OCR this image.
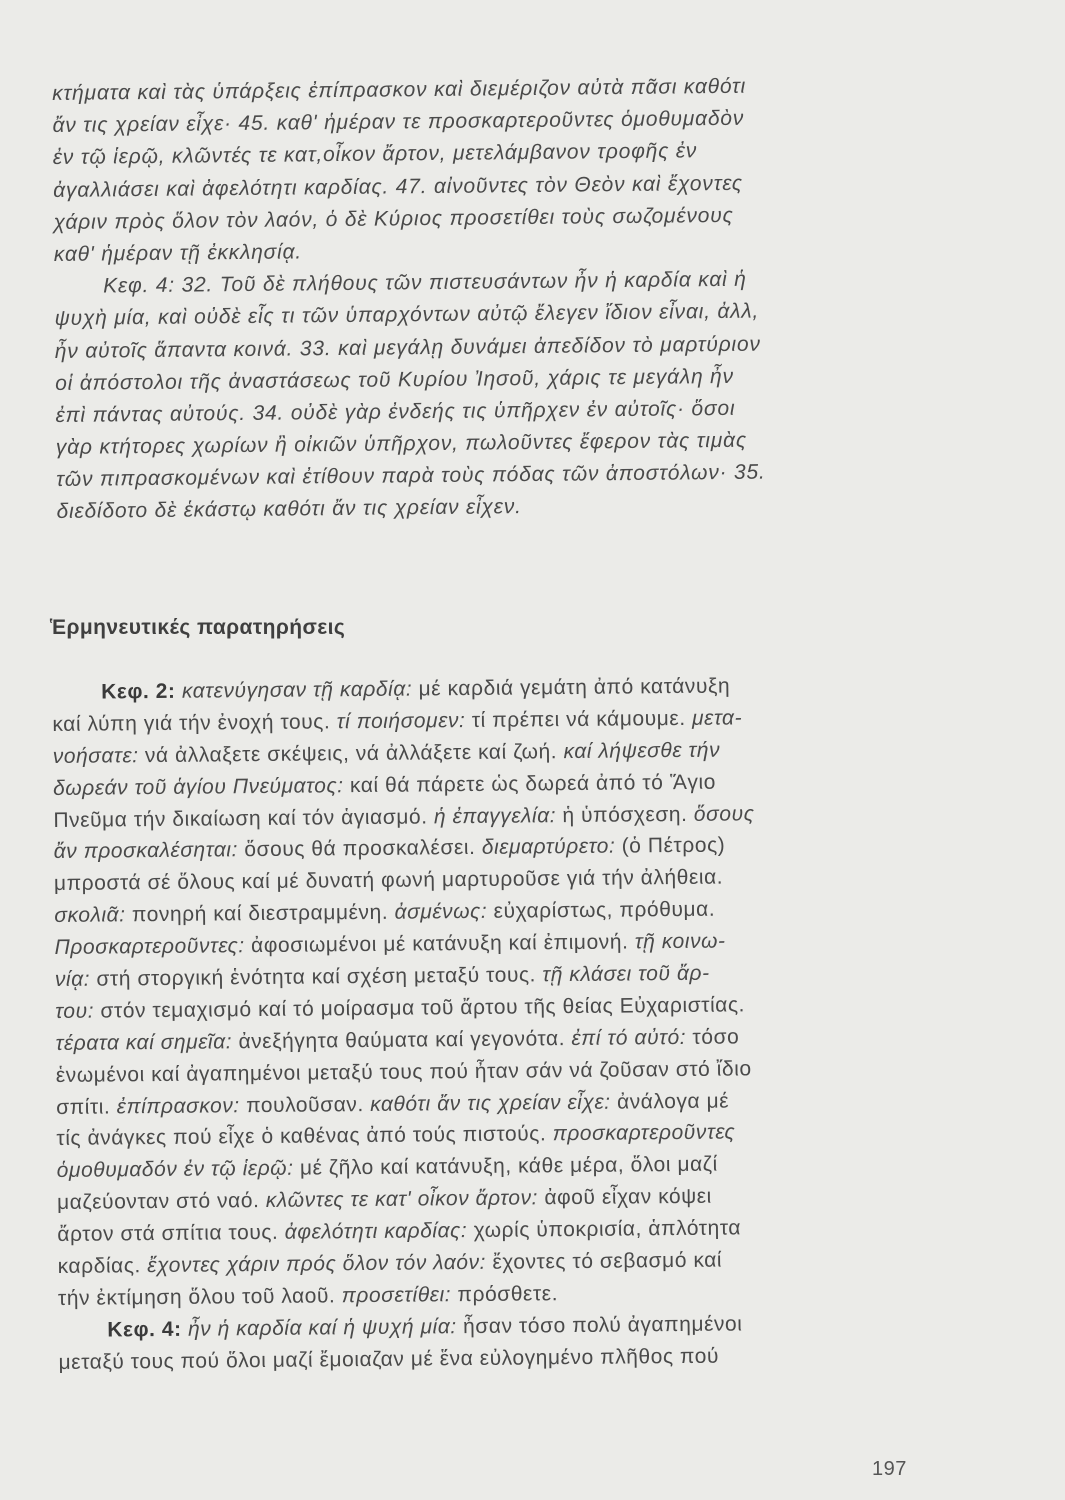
κτήματα καὶ τὰς ὑπάρξεις ἐπίπρασκον καὶ διεμέριζον αὐτὰ πᾶσι καθότι
ἄν τις χρείαν εἶχε· 45. καθ' ἡμέραν τε προσκαρτεροῦντες ὁμοθυμαδὸν
ἐν τῷ ἱερῷ, κλῶντές τε κατ,οἶκον ἄρτον, μετελάμβανον τροφῆς ἐν
ἀγαλλιάσει καὶ ἀφελότητι καρδίας. 47. αἰνοῦντες τὸν Θεὸν καὶ ἔχοντες
χάριν πρὸς ὅλον τὸν λαόν, ὁ δὲ Κύριος προσετίθει τοὺς σωζομένους
καθ' ἡμέραν τῇ ἐκκλησίᾳ.
Κεφ. 4: 32. Τοῦ δὲ πλήθους τῶν πιστευσάντων ἦν ἡ καρδία καὶ ἡ
ψυχὴ μία, καὶ οὐδὲ εἷς τι τῶν ὑπαρχόντων αὐτῷ ἔλεγεν ἴδιον εἶναι, ἀλλ,
ἦν αὐτοῖς ἅπαντα κοινά. 33. καὶ μεγάλῃ δυνάμει ἀπεδίδον τὸ μαρτύριον
οἱ ἀπόστολοι τῆς ἀναστάσεως τοῦ Κυρίου Ἰησοῦ, χάρις τε μεγάλη ἦν
ἐπὶ πάντας αὐτούς. 34. οὐδὲ γὰρ ἐνδεής τις ὑπῆρχεν ἐν αὐτοῖς· ὅσοι
γὰρ κτήτορες χωρίων ἢ οἰκιῶν ὑπῆρχον, πωλοῦντες ἔφερον τὰς τιμὰς
τῶν πιπρασκομένων καὶ ἐτίθουν παρὰ τοὺς πόδας τῶν ἀποστόλων· 35.
διεδίδοτο δὲ ἑκάστῳ καθότι ἄν τις χρείαν εἶχεν.
Ἑρμηνευτικές παρατηρήσεις
Κεφ. 2: κατενύγησαν τῇ καρδίᾳ: μέ καρδιά γεμάτη ἀπό κατάνυξη
καί λύπη γιά τήν ἐνοχή τους. τί ποιήσομεν: τί πρέπει νά κάμουμε. μετα-
νοήσατε: νά ἀλλαξετε σκέψεις, νά ἀλλάξετε καί ζωή. καί λήψεσθε τήν
δωρεάν τοῦ ἁγίου Πνεύματος: καί θά πάρετε ὡς δωρεά ἀπό τό Ἅγιο
Πνεῦμα τήν δικαίωση καί τόν ἁγιασμό. ἡ ἐπαγγελία: ἡ ὑπόσχεση. ὅσους
ἄν προσκαλέσηται: ὅσους θά προσκαλέσει. διεμαρτύρετο: (ὁ Πέτρος)
μπροστά σέ ὅλους καί μέ δυνατή φωνή μαρτυροῦσε γιά τήν ἀλήθεια.
σκολιᾶ: πονηρή καί διεστραμμένη. ἀσμένως: εὐχαρίστως, πρόθυμα.
Προσκαρτεροῦντες: ἀφοσιωμένοι μέ κατάνυξη καί ἐπιμονή. τῇ κοινω-
νίᾳ: στή στοργική ἑνότητα καί σχέση μεταξύ τους. τῇ κλάσει τοῦ ἄρ-
του: στόν τεμαχισμό καί τό μοίρασμα τοῦ ἄρτου τῆς θείας Εὐχαριστίας.
τέρατα καί σημεῖα: ἀνεξήγητα θαύματα καί γεγονότα. ἐπί τό αὐτό: τόσο
ἑνωμένοι καί ἀγαπημένοι μεταξύ τους πού ἦταν σάν νά ζοῦσαν στό ἴδιο
σπίτι. ἐπίπρασκον: πουλοῦσαν. καθότι ἄν τις χρείαν εἶχε: ἀνάλογα μέ
τίς ἀνάγκες πού εἶχε ὁ καθένας ἀπό τούς πιστούς. προσκαρτεροῦντες
ὁμοθυμαδόν ἐν τῷ ἱερῷ: μέ ζῆλο καί κατάνυξη, κάθε μέρα, ὅλοι μαζί
μαζεύονταν στό ναό. κλῶντες τε κατ' οἶκον ἄρτον: ἀφοῦ εἶχαν κόψει
ἄρτον στά σπίτια τους. ἀφελότητι καρδίας: χωρίς ὑποκρισία, ἁπλότητα
καρδίας. ἔχοντες χάριν πρός ὅλον τόν λαόν: ἔχοντες τό σεβασμό καί
τήν ἐκτίμηση ὅλου τοῦ λαοῦ. προσετίθει: πρόσθετε.
Κεφ. 4: ἦν ἡ καρδία καί ἡ ψυχή μία: ἦσαν τόσο πολύ ἀγαπημένοι
μεταξύ τους πού ὅλοι μαζί ἔμοιαζαν μέ ἕνα εὐλογημένο πλῆθος πού
197
